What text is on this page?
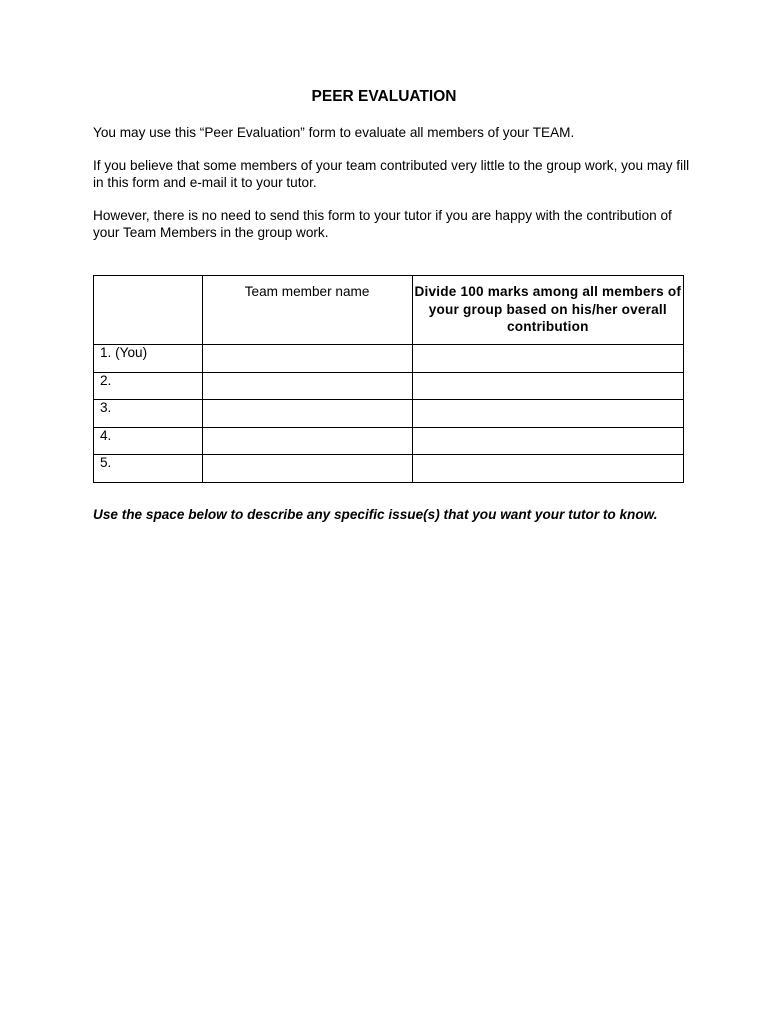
PEER EVALUATION

You may use this “Peer Evaluation” form to evaluate all members of your TEAM.

If you believe that some members of your team contributed very little to the group work, you may fill in this form and e-mail it to your tutor.

However, there is no need to send this form to your tutor if you are happy with the contribution of your Team Members in the group work.

	Team member name	Divide 100 marks among all members of your group based on his/her overall contribution
1. (You)		
2.		
3.		
4.		
5.		

Use the space below to describe any specific issue(s) that you want your tutor to know.
